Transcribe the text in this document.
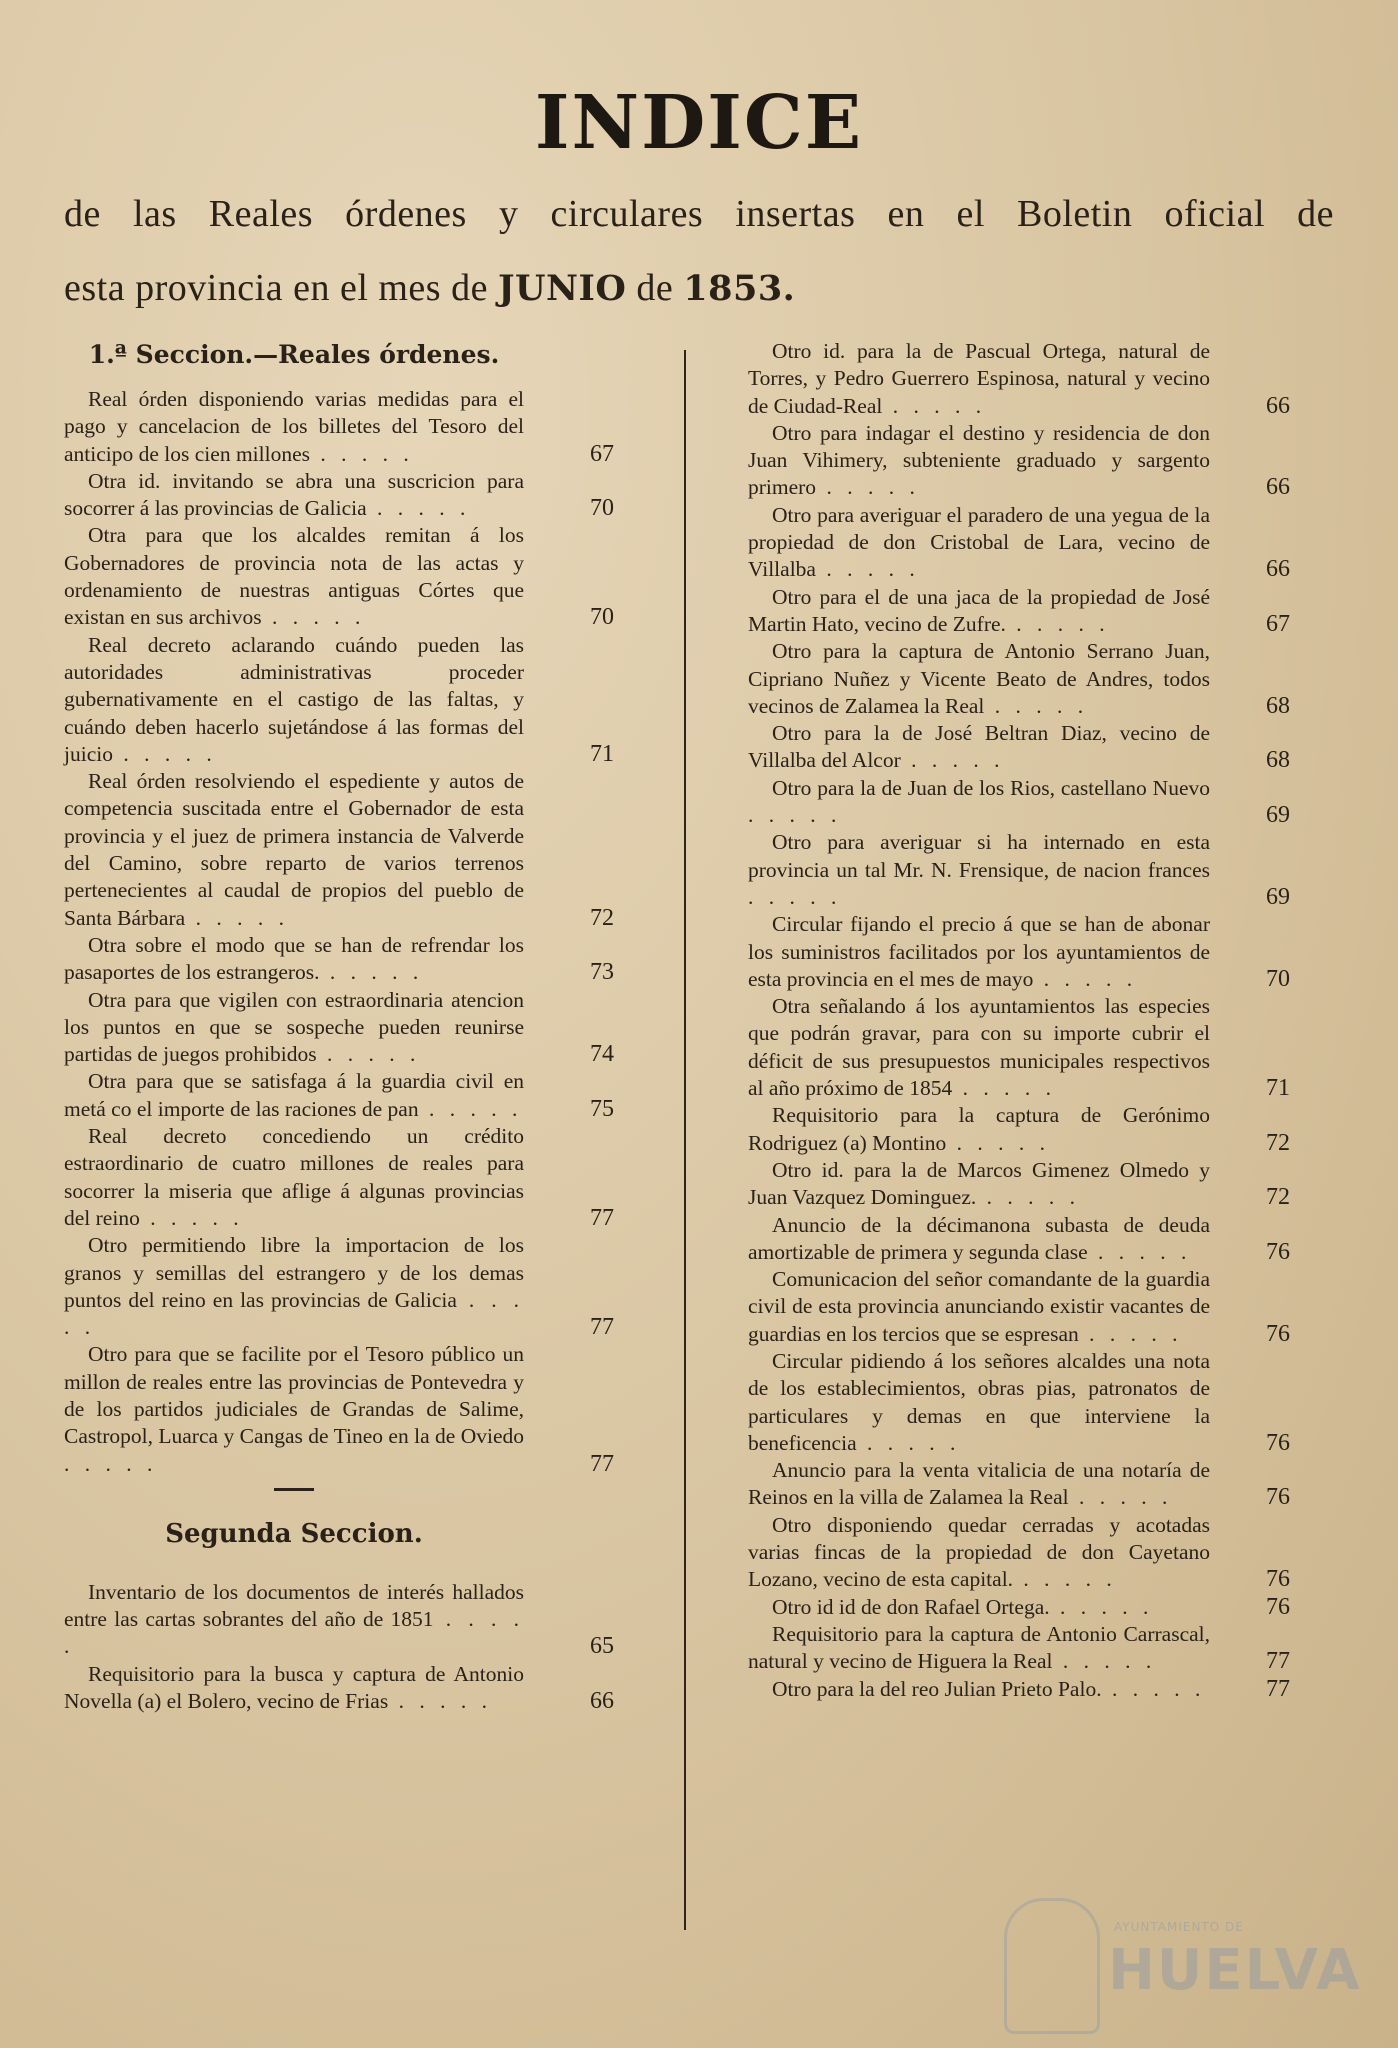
INDICE
de las Reales órdenes y circulares insertas en el Boletin oficial de
esta provincia en el mes de JUNIO de 1853.
1.ª Seccion.—Reales órdenes.

Real órden disponiendo varias medidas para el pago y cancelacion de los billetes del Tesoro del anticipo de los cien millones . . . . .	67

Otra id. invitando se abra una suscricion para socorrer á las provincias de Galicia . . . . .	70

Otra para que los alcaldes remitan á los Gobernadores de provincia nota de las actas y ordenamiento de nuestras antiguas Córtes que existan en sus archivos . . . . .	70

Real decreto aclarando cuándo pueden las autoridades administrativas proceder gubernativamente en el castigo de las faltas, y cuándo deben hacerlo sujetándose á las formas del juicio . . . . .	71

Real órden resolviendo el espediente y autos de competencia suscitada entre el Gobernador de esta provincia y el juez de primera instancia de Valverde del Camino, sobre reparto de varios terrenos pertenecientes al caudal de propios del pueblo de Santa Bárbara . . . . .	72

Otra sobre el modo que se han de refrendar los pasaportes de los estrangeros. . . . . .	73

Otra para que vigilen con estraordinaria atencion los puntos en que se sospeche pueden reunirse partidas de juegos prohibidos . . . . .	74

Otra para que se satisfaga á la guardia civil en metá co el importe de las raciones de pan . . . . .	75

Real decreto concediendo un crédito estraordinario de cuatro millones de reales para socorrer la miseria que aflige á algunas provincias del reino . . . . .	77

Otro permitiendo libre la importacion de los granos y semillas del estrangero y de los demas puntos del reino en las provincias de Galicia . . . . .	77

Otro para que se facilite por el Tesoro público un millon de reales entre las provincias de Pontevedra y de los partidos judiciales de Grandas de Salime, Castropol, Luarca y Cangas de Tineo en la de Oviedo . . . . .	77

Segunda Seccion.

Inventario de los documentos de interés hallados entre las cartas sobrantes del año de 1851 . . . . .	65

Requisitorio para la busca y captura de Antonio Novella (a) el Bolero, vecino de Frias . . . . .	66

Otro id. para la de Pascual Ortega, natural de Torres, y Pedro Guerrero Espinosa, natural y vecino de Ciudad-Real . . . . .	66

Otro para indagar el destino y residencia de don Juan Vihimery, subteniente graduado y sargento primero . . . . .	66

Otro para averiguar el paradero de una yegua de la propiedad de don Cristobal de Lara, vecino de Villalba . . . . .	66

Otro para el de una jaca de la propiedad de José Martin Hato, vecino de Zufre. . . . . .	67

Otro para la captura de Antonio Serrano Juan, Cipriano Nuñez y Vicente Beato de Andres, todos vecinos de Zalamea la Real . . . . .	68

Otro para la de José Beltran Diaz, vecino de Villalba del Alcor . . . . .	68

Otro para la de Juan de los Rios, castellano Nuevo . . . . .	69

Otro para averiguar si ha internado en esta provincia un tal Mr. N. Frensique, de nacion frances . . . . .	69

Circular fijando el precio á que se han de abonar los suministros facilitados por los ayuntamientos de esta provincia en el mes de mayo . . . . .	70

Otra señalando á los ayuntamientos las especies que podrán gravar, para con su importe cubrir el déficit de sus presupuestos municipales respectivos al año próximo de 1854 . . . . .	71

Requisitorio para la captura de Gerónimo Rodriguez (a) Montino . . . . .	72

Otro id. para la de Marcos Gimenez Olmedo y Juan Vazquez Dominguez. . . . . .	72

Anuncio de la décimanona subasta de deuda amortizable de primera y segunda clase . . . . .	76

Comunicacion del señor comandante de la guardia civil de esta provincia anunciando existir vacantes de guardias en los tercios que se espresan . . . . .	76

Circular pidiendo á los señores alcaldes una nota de los establecimientos, obras pias, patronatos de particulares y demas en que interviene la beneficencia . . . . .	76

Anuncio para la venta vitalicia de una notaría de Reinos en la villa de Zalamea la Real . . . . .	76

Otro disponiendo quedar cerradas y acotadas varias fincas de la propiedad de don Cayetano Lozano, vecino de esta capital. . . . . .	76

Otro id id de don Rafael Ortega. . . . . .	76

Requisitorio para la captura de Antonio Carrascal, natural y vecino de Higuera la Real . . . . .	77

Otro para la del reo Julian Prieto Palo. . . . . .	77

AYUNTAMIENTO DE
HUELVA
